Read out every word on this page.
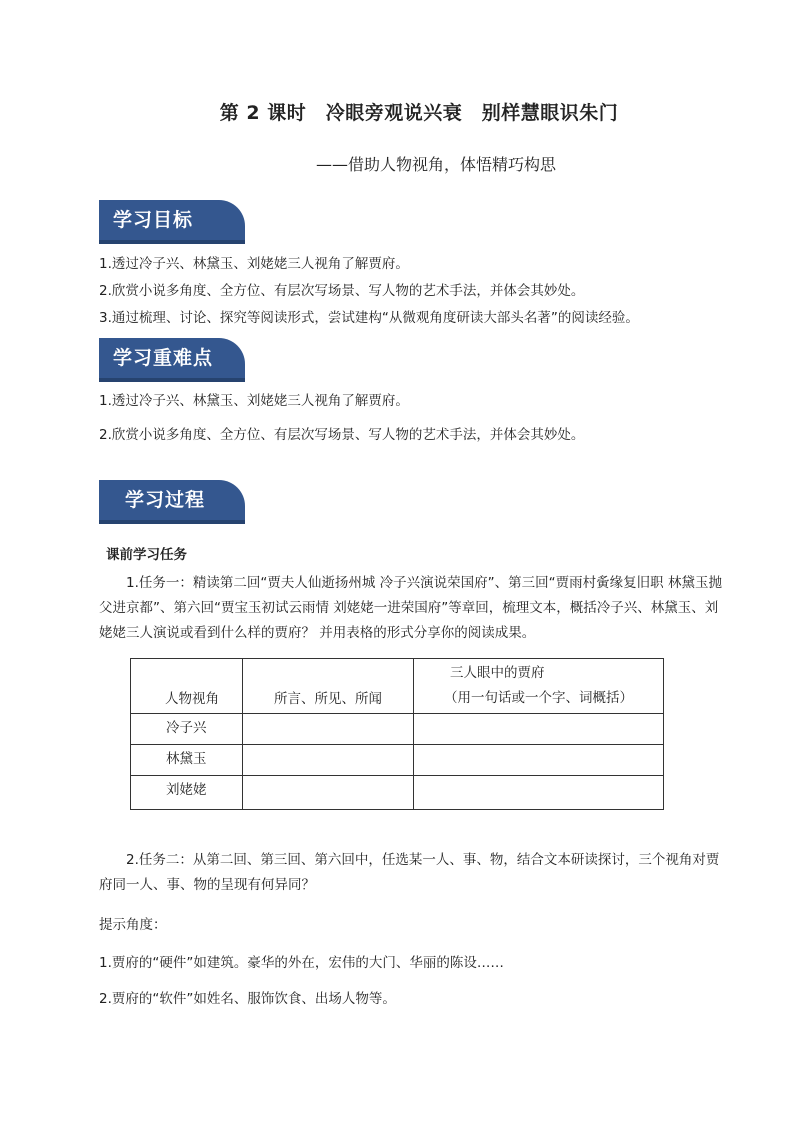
第 2 课时　冷眼旁观说兴衰　别样慧眼识朱门
——借助人物视角，体悟精巧构思
学习目标
1.透过冷子兴、林黛玉、刘姥姥三人视角了解贾府。
2.欣赏小说多角度、全方位、有层次写场景、写人物的艺术手法，并体会其妙处。
3.通过梳理、讨论、探究等阅读形式，尝试建构“从微观角度研读大部头名著”的阅读经验。
学习重难点
1.透过冷子兴、林黛玉、刘姥姥三人视角了解贾府。
2.欣赏小说多角度、全方位、有层次写场景、写人物的艺术手法，并体会其妙处。
学习过程
课前学习任务
1.任务一：精读第二回“贾夫人仙逝扬州城 冷子兴演说荣国府”、第三回“贾雨村夤缘复旧职 林黛玉抛父进京都”、第六回“贾宝玉初试云雨情 刘姥姥一进荣国府”等章回，梳理文本，概括冷子兴、林黛玉、刘姥姥三人演说或看到什么样的贾府？ 并用表格的形式分享你的阅读成果。
人物视角	所言、所见、所闻	三人眼中的贾府
（用一句话或一个字、词概括）

冷子兴		
林黛玉		
刘姥姥		
2.任务二：从第二回、第三回、第六回中，任选某一人、事、物，结合文本研读探讨，三个视角对贾府同一人、事、物的呈现有何异同？
提示角度：
1.贾府的“硬件”如建筑。豪华的外在，宏伟的大门、华丽的陈设……
2.贾府的“软件”如姓名、服饰饮食、出场人物等。
